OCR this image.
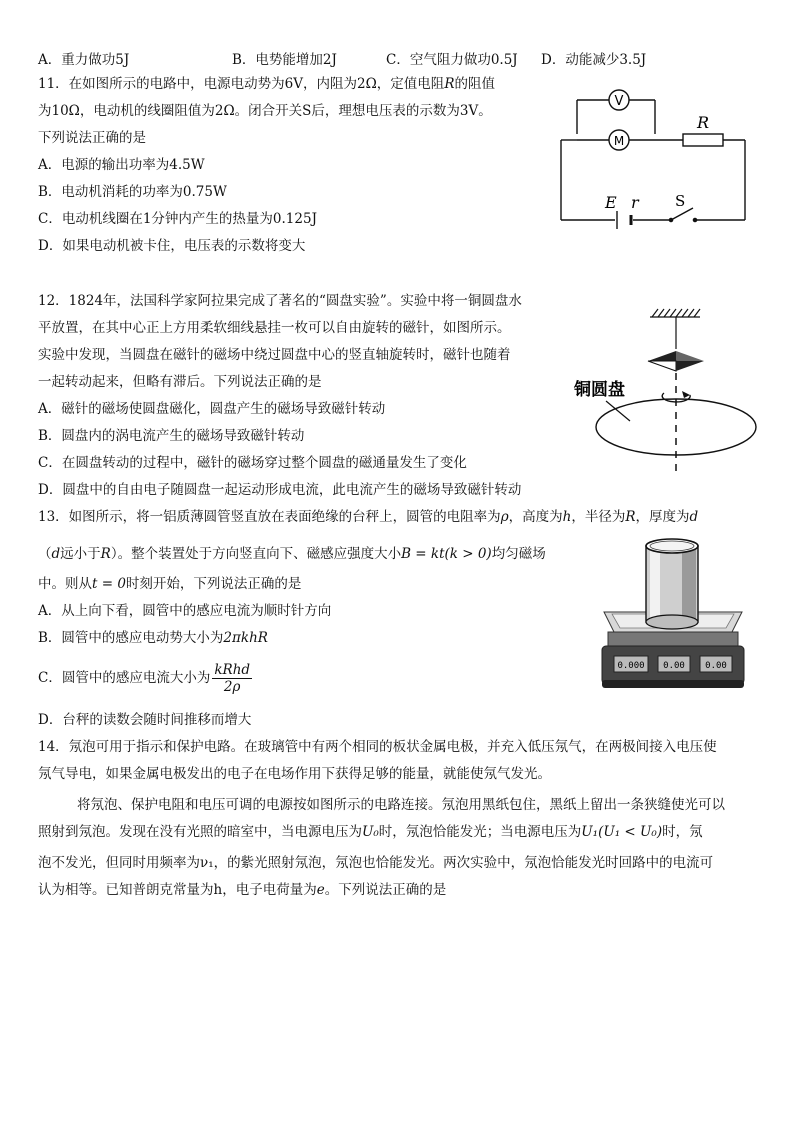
A．重力做功5J	B．电势能增加2J	C．空气阻力做功0.5J D．动能减少3.5J
11．在如图所示的电路中，电源电动势为6V，内阻为2Ω，定值电阻R的阻值
为10Ω，电动机的线圈阻值为2Ω。闭合开关S后，理想电压表的示数为3V。
下列说法正确的是
A．电源的输出功率为4.5W
B．电动机消耗的功率为0.75W
C．电动机线圈在1分钟内产生的热量为0.125J
D．如果电动机被卡住，电压表的示数将变大
V
M
R
E r S
12．1824年，法国科学家阿拉果完成了著名的“圆盘实验”。实验中将一铜圆盘水
平放置，在其中心正上方用柔软细线悬挂一枚可以自由旋转的磁针，如图所示。
实验中发现，当圆盘在磁针的磁场中绕过圆盘中心的竖直轴旋转时，磁针也随着
一起转动起来，但略有滞后。下列说法正确的是
A．磁针的磁场使圆盘磁化，圆盘产生的磁场导致磁针转动
B．圆盘内的涡电流产生的磁场导致磁针转动
C．在圆盘转动的过程中，磁针的磁场穿过整个圆盘的磁通量发生了变化
D．圆盘中的自由电子随圆盘一起运动形成电流，此电流产生的磁场导致磁针转动
铜圆盘
13．如图所示，将一铝质薄圆管竖直放在表面绝缘的台秤上，圆管的电阻率为ρ，高度为h，半径为R，厚度为d
（d远小于R）。整个装置处于方向竖直向下、磁感应强度大小B = kt(k > 0)均匀磁场
中。则从t = 0时刻开始，下列说法正确的是
A．从上向下看，圆管中的感应电流为顺时针方向
B．圆管中的感应电动势大小为2πkhR
C．圆管中的感应电流大小为 $\frac{\text{kRhd}}{2\rho}$
D．台秤的读数会随时间推移而增大
0.000 0.00 0.00
14．氖泡可用于指示和保护电路。在玻璃管中有两个相同的板状金属电极，并充入低压氖气，在两极间接入电压使
氖气导电，如果金属电极发出的电子在电场作用下获得足够的能量，就能使氖气发光。
将氖泡、保护电阻和电压可调的电源按如图所示的电路连接。氖泡用黑纸包住，黑纸上留出一条狭缝使光可以
照射到氖泡。发现在没有光照的暗室中，当电源电压为U₀时，氖泡恰能发光；当电源电压为U₁(U₁ < U₀)时，氖
泡不发光，但同时用频率为ν₁，的紫光照射氖泡，氖泡也恰能发光。两次实验中，氖泡恰能发光时回路中的电流可
认为相等。已知普朗克常量为h，电子电荷量为e。下列说法正确的是
